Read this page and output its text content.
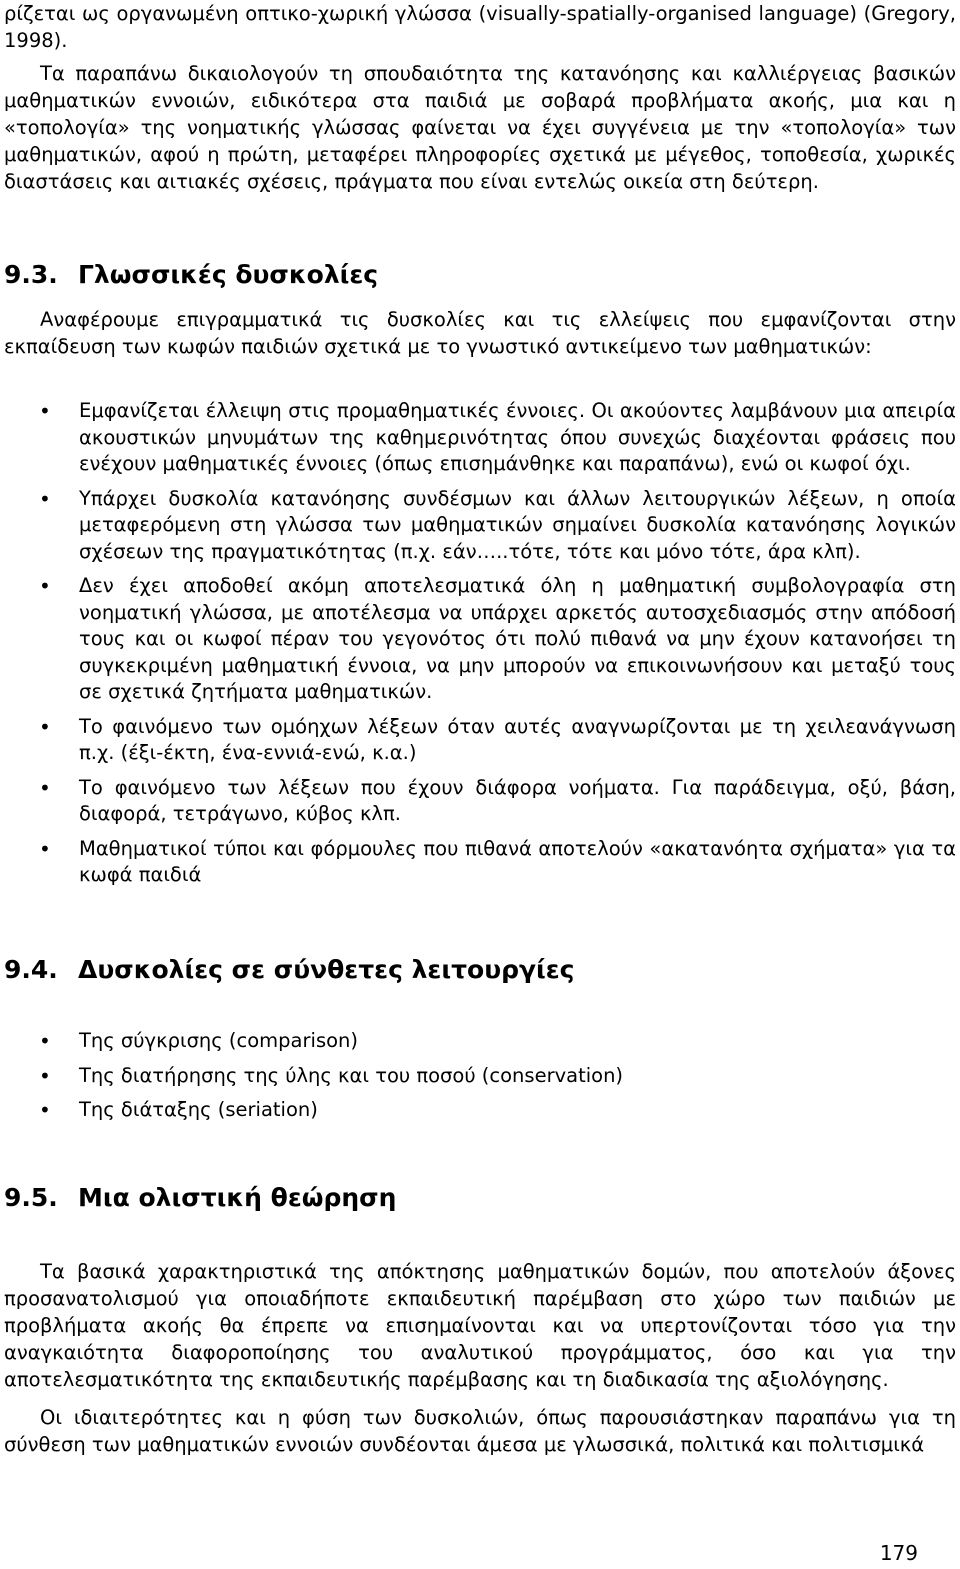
ρίζεται ως οργανωμένη οπτικο-χωρική γλώσσα (visually-spatially-organised language) (Gregory, 1998).

Τα παραπάνω δικαιολογούν τη σπουδαιότητα της κατανόησης και καλλιέργειας βασικών μαθηματικών εννοιών, ειδικότερα στα παιδιά με σοβαρά προβλήματα ακοής, μια και η «τοπολογία» της νοηματικής γλώσσας φαίνεται να έχει συγγένεια με την «τοπολογία» των μαθηματικών, αφού η πρώτη, μεταφέρει πληροφορίες σχετικά με μέγεθος, τοποθεσία, χωρικές διαστάσεις και αιτιακές σχέσεις, πράγματα που είναι εντελώς οικεία στη δεύτερη.

9.3. Γλωσσικές δυσκολίες

Αναφέρουμε επιγραμματικά τις δυσκολίες και τις ελλείψεις που εμφανίζονται στην εκπαίδευση των κωφών παιδιών σχετικά με το γνωστικό αντικείμενο των μαθηματικών:

• Εμφανίζεται έλλειψη στις προμαθηματικές έννοιες. Οι ακούοντες λαμβάνουν μια απειρία ακουστικών μηνυμάτων της καθημερινότητας όπου συνεχώς διαχέονται φράσεις που ενέχουν μαθηματικές έννοιες (όπως επισημάνθηκε και παραπάνω), ενώ οι κωφοί όχι.
• Υπάρχει δυσκολία κατανόησης συνδέσμων και άλλων λειτουργικών λέξεων, η οποία μεταφερόμενη στη γλώσσα των μαθηματικών σημαίνει δυσκολία κατανόησης λογικών σχέσεων της πραγματικότητας (π.χ. εάν…..τότε, τότε και μόνο τότε, άρα κλπ).
• Δεν έχει αποδοθεί ακόμη αποτελεσματικά όλη η μαθηματική συμβολογραφία στη νοηματική γλώσσα, με αποτέλεσμα να υπάρχει αρκετός αυτοσχεδιασμός στην απόδοσή τους και οι κωφοί πέραν του γεγονότος ότι πολύ πιθανά να μην έχουν κατανοήσει τη συγκεκριμένη μαθηματική έννοια, να μην μπορούν να επικοινωνήσουν και μεταξύ τους σε σχετικά ζητήματα μαθηματικών.
• Το φαινόμενο των ομόηχων λέξεων όταν αυτές αναγνωρίζονται με τη χειλεανάγνωση π.χ. (έξι-έκτη, ένα-εννιά-ενώ, κ.α.)
• Το φαινόμενο των λέξεων που έχουν διάφορα νοήματα. Για παράδειγμα, οξύ, βάση, διαφορά, τετράγωνο, κύβος κλπ.
• Μαθηματικοί τύποι και φόρμουλες που πιθανά αποτελούν «ακατανόητα σχήματα» για τα κωφά παιδιά
9.4. Δυσκολίες σε σύνθετες λειτουργίες
• Της σύγκρισης (comparison)
• Της διατήρησης της ύλης και του ποσού (conservation)
• Της διάταξης (seriation)
9.5. Μια ολιστική θεώρηση

Τα βασικά χαρακτηριστικά της απόκτησης μαθηματικών δομών, που αποτελούν άξονες προσανατολισμού για οποιαδήποτε εκπαιδευτική παρέμβαση στο χώρο των παιδιών με προβλήματα ακοής θα έπρεπε να επισημαίνονται και να υπερτονίζονται τόσο για την αναγκαιότητα διαφοροποίησης του αναλυτικού προγράμματος, όσο και για την αποτελεσματικότητα της εκπαιδευτικής παρέμβασης και τη διαδικασία της αξιολόγησης.

Οι ιδιαιτερότητες και η φύση των δυσκολιών, όπως παρουσιάστηκαν παραπάνω για τη σύνθεση των μαθηματικών εννοιών συνδέονται άμεσα με γλωσσικά, πολιτικά και πολιτισμικά

179
